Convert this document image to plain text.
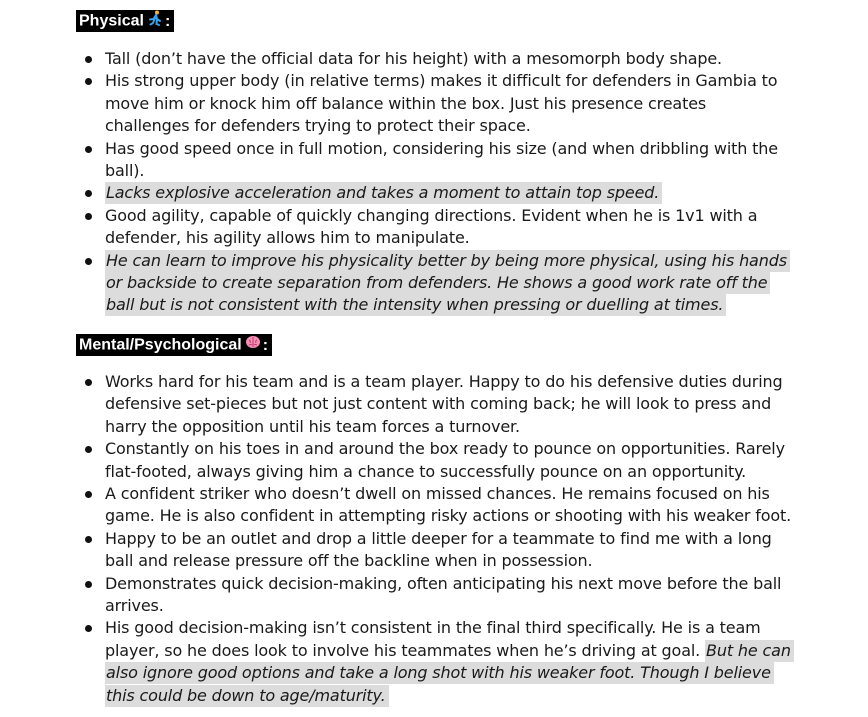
Physical :
Tall (don’t have the official data for his height) with a mesomorph body shape.
His strong upper body (in relative terms) makes it difficult for defenders in Gambia to move him or knock him off balance within the box. Just his presence creates challenges for defenders trying to protect their space.
Has good speed once in full motion, considering his size (and when dribbling with the ball).
Lacks explosive acceleration and takes a moment to attain top speed.
Good agility, capable of quickly changing directions. Evident when he is 1v1 with a defender, his agility allows him to manipulate.
He can learn to improve his physicality better by being more physical, using his hands or backside to create separation from defenders. He shows a good work rate off the ball but is not consistent with the intensity when pressing or duelling at times.
Mental/Psychological :
Works hard for his team and is a team player. Happy to do his defensive duties during defensive set-pieces but not just content with coming back; he will look to press and harry the opposition until his team forces a turnover.
Constantly on his toes in and around the box ready to pounce on opportunities. Rarely flat-footed, always giving him a chance to successfully pounce on an opportunity.
A confident striker who doesn’t dwell on missed chances. He remains focused on his game. He is also confident in attempting risky actions or shooting with his weaker foot.
Happy to be an outlet and drop a little deeper for a teammate to find me with a long ball and release pressure off the backline when in possession.
Demonstrates quick decision-making, often anticipating his next move before the ball arrives.
His good decision-making isn’t consistent in the final third specifically. He is a team player, so he does look to involve his teammates when he’s driving at goal. But he can also ignore good options and take a long shot with his weaker foot. Though I believe this could be down to age/maturity.
